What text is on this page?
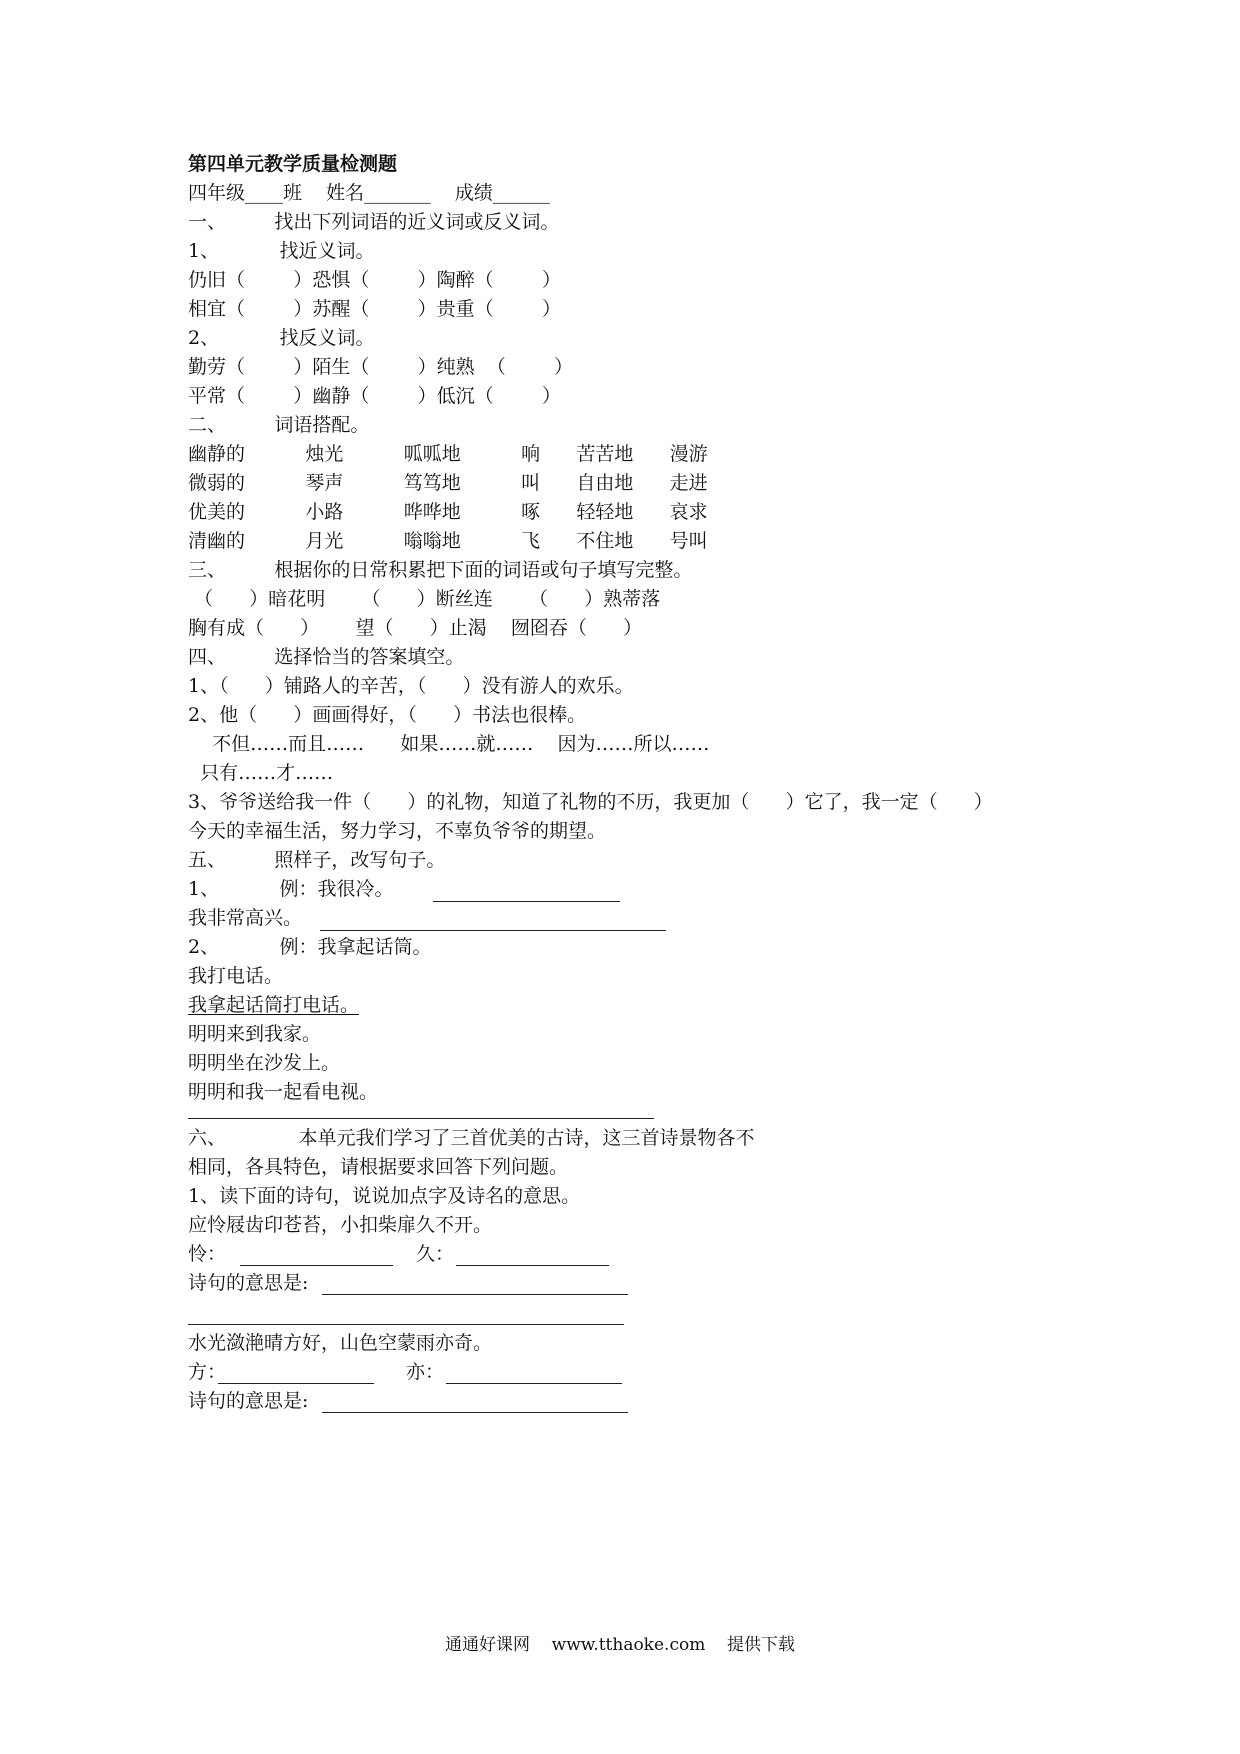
第四单元教学质量检测题
四年级____班    姓名_______    成绩______
一、        找出下列词语的近义词或反义词。
1、          找近义词。
仍旧（        ）恐惧（        ）陶醉（        ）
相宜（        ）苏醒（        ）贵重（        ）
2、          找反义词。
勤劳（        ）陌生（        ）纯熟  （        ）
平常（        ）幽静（        ）低沉（        ）
二、        词语搭配。
幽静的          烛光          呱呱地          响      苦苦地      漫游
微弱的          琴声          笃笃地          叫      自由地      走进
优美的          小路          哗哗地          啄      轻轻地      哀求
清幽的          月光          嗡嗡地          飞      不住地      号叫
三、        根据你的日常积累把下面的词语或句子填写完整。
（      ）暗花明      （      ）断丝连      （      ）熟蒂落
胸有成（      ）      望（      ）止渴    囫囵吞（      ）
四、        选择恰当的答案填空。
1、（      ）铺路人的辛苦，（      ）没有游人的欢乐。
2、他（      ）画画得好，（      ）书法也很棒。
不但……而且……      如果……就……    因为……所以……
只有……才……
3、爷爷送给我一件（      ）的礼物，知道了礼物的不历，我更加（      ）它了，我一定（      ）
今天的幸福生活，努力学习，不辜负爷爷的期望。
五、        照样子，改写句子。
1、          例：我很冷。
我非常高兴。
2、          例：我拿起话筒。
我打电话。
我拿起话筒打电话。
明明来到我家。
明明坐在沙发上。
明明和我一起看电视。
六、            本单元我们学习了三首优美的古诗，这三首诗景物各不
相同，各具特色，请根据要求回答下列问题。
1、读下面的诗句，说说加点字及诗名的意思。
应怜屐齿印苍苔，小扣柴扉久不开。
怜：	久：
诗句的意思是:
水光潋滟晴方好，山色空蒙雨亦奇。
方：	亦：
诗句的意思是:
通通好课网    www.tthaoke.com    提供下载
